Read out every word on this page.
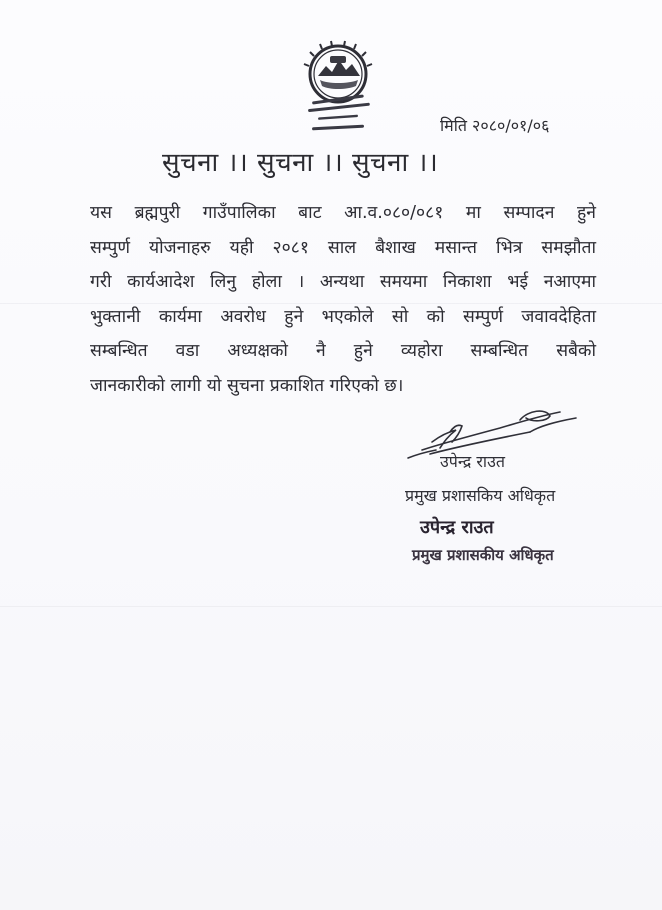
मिति २०८०/०१/०६
सुचना ।। सुचना ।। सुचना ।।
यस ब्रह्मपुरी गाउँपालिका बाट आ.व.०८०/०८१ मा सम्पादन हुने
सम्पुर्ण योजनाहरु यही २०८१ साल बैशाख मसान्त भित्र समझौता
गरी कार्यआदेश लिनु होला । अन्यथा समयमा निकाशा भई नआएमा
भुक्तानी कार्यमा अवरोध हुने भएकोले सो को सम्पुर्ण जवावदेहिता
सम्बन्धित वडा अध्यक्षको नै हुने व्यहोरा सम्बन्धित सबैको
जानकारीको लागी यो सुचना प्रकाशित गरिएको छ।
उपेन्द्र राउत
प्रमुख प्रशासकिय अधिकृत
उपेन्द्र राउत
प्रमुख प्रशासकीय अधिकृत
